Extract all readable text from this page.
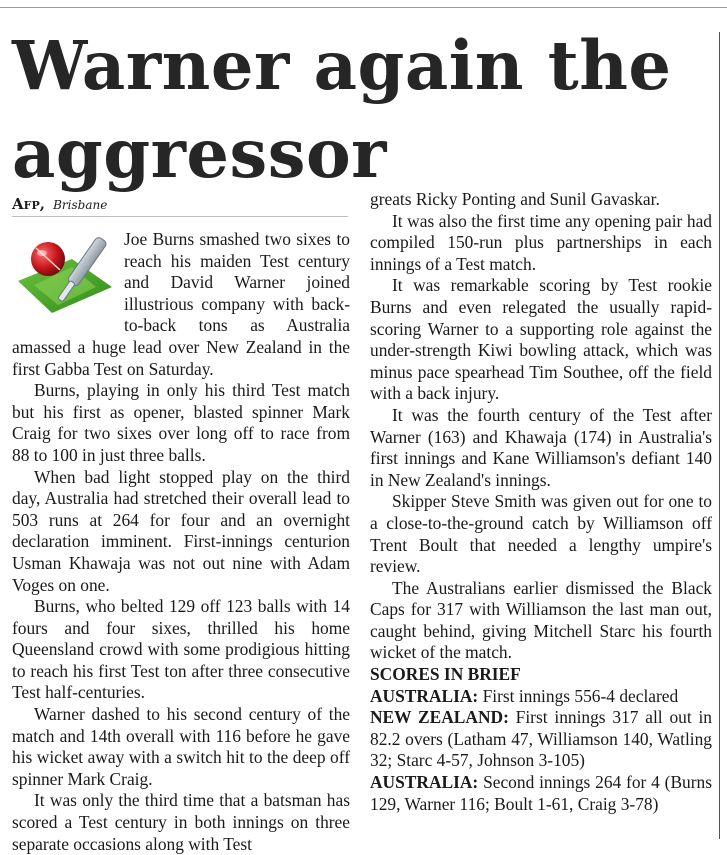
Warner again the aggressor
Afp, Brisbane

Joe Burns smashed two sixes to reach his maiden Test century and David Warner joined illustrious company with back-to-back tons as Australia amassed a huge lead over New Zealand in the first Gabba Test on Saturday.

Burns, playing in only his third Test match but his first as opener, blasted spinner Mark Craig for two sixes over long off to race from 88 to 100 in just three balls.

When bad light stopped play on the third day, Australia had stretched their overall lead to 503 runs at 264 for four and an overnight declaration imminent. First-innings centurion Usman Khawaja was not out nine with Adam Voges on one.

Burns, who belted 129 off 123 balls with 14 fours and four sixes, thrilled his home Queensland crowd with some prodigious hitting to reach his first Test ton after three consecutive Test half-centuries.

Warner dashed to his second century of the match and 14th overall with 116 before he gave his wicket away with a switch hit to the deep off spinner Mark Craig.

It was only the third time that a batsman has scored a Test century in both innings on three separate occasions along with Test

greats Ricky Ponting and Sunil Gavaskar.

It was also the first time any opening pair had compiled 150-run plus partnerships in each innings of a Test match.

It was remarkable scoring by Test rookie Burns and even relegated the usually rapid-scoring Warner to a supporting role against the under-strength Kiwi bowling attack, which was minus pace spearhead Tim Southee, off the field with a back injury.

It was the fourth century of the Test after Warner (163) and Khawaja (174) in Australia's first innings and Kane Williamson's defiant 140 in New Zealand's innings.

Skipper Steve Smith was given out for one to a close-to-the-ground catch by Williamson off Trent Boult that needed a lengthy umpire's review.

The Australians earlier dismissed the Black Caps for 317 with Williamson the last man out, caught behind, giving Mitchell Starc his fourth wicket of the match.

SCORES IN BRIEF

AUSTRALIA: First innings 556-4 declared

NEW ZEALAND: First innings 317 all out in 82.2 overs (Latham 47, Williamson 140, Watling 32; Starc 4-57, Johnson 3-105)

AUSTRALIA: Second innings 264 for 4 (Burns 129, Warner 116; Boult 1-61, Craig 3-78)
